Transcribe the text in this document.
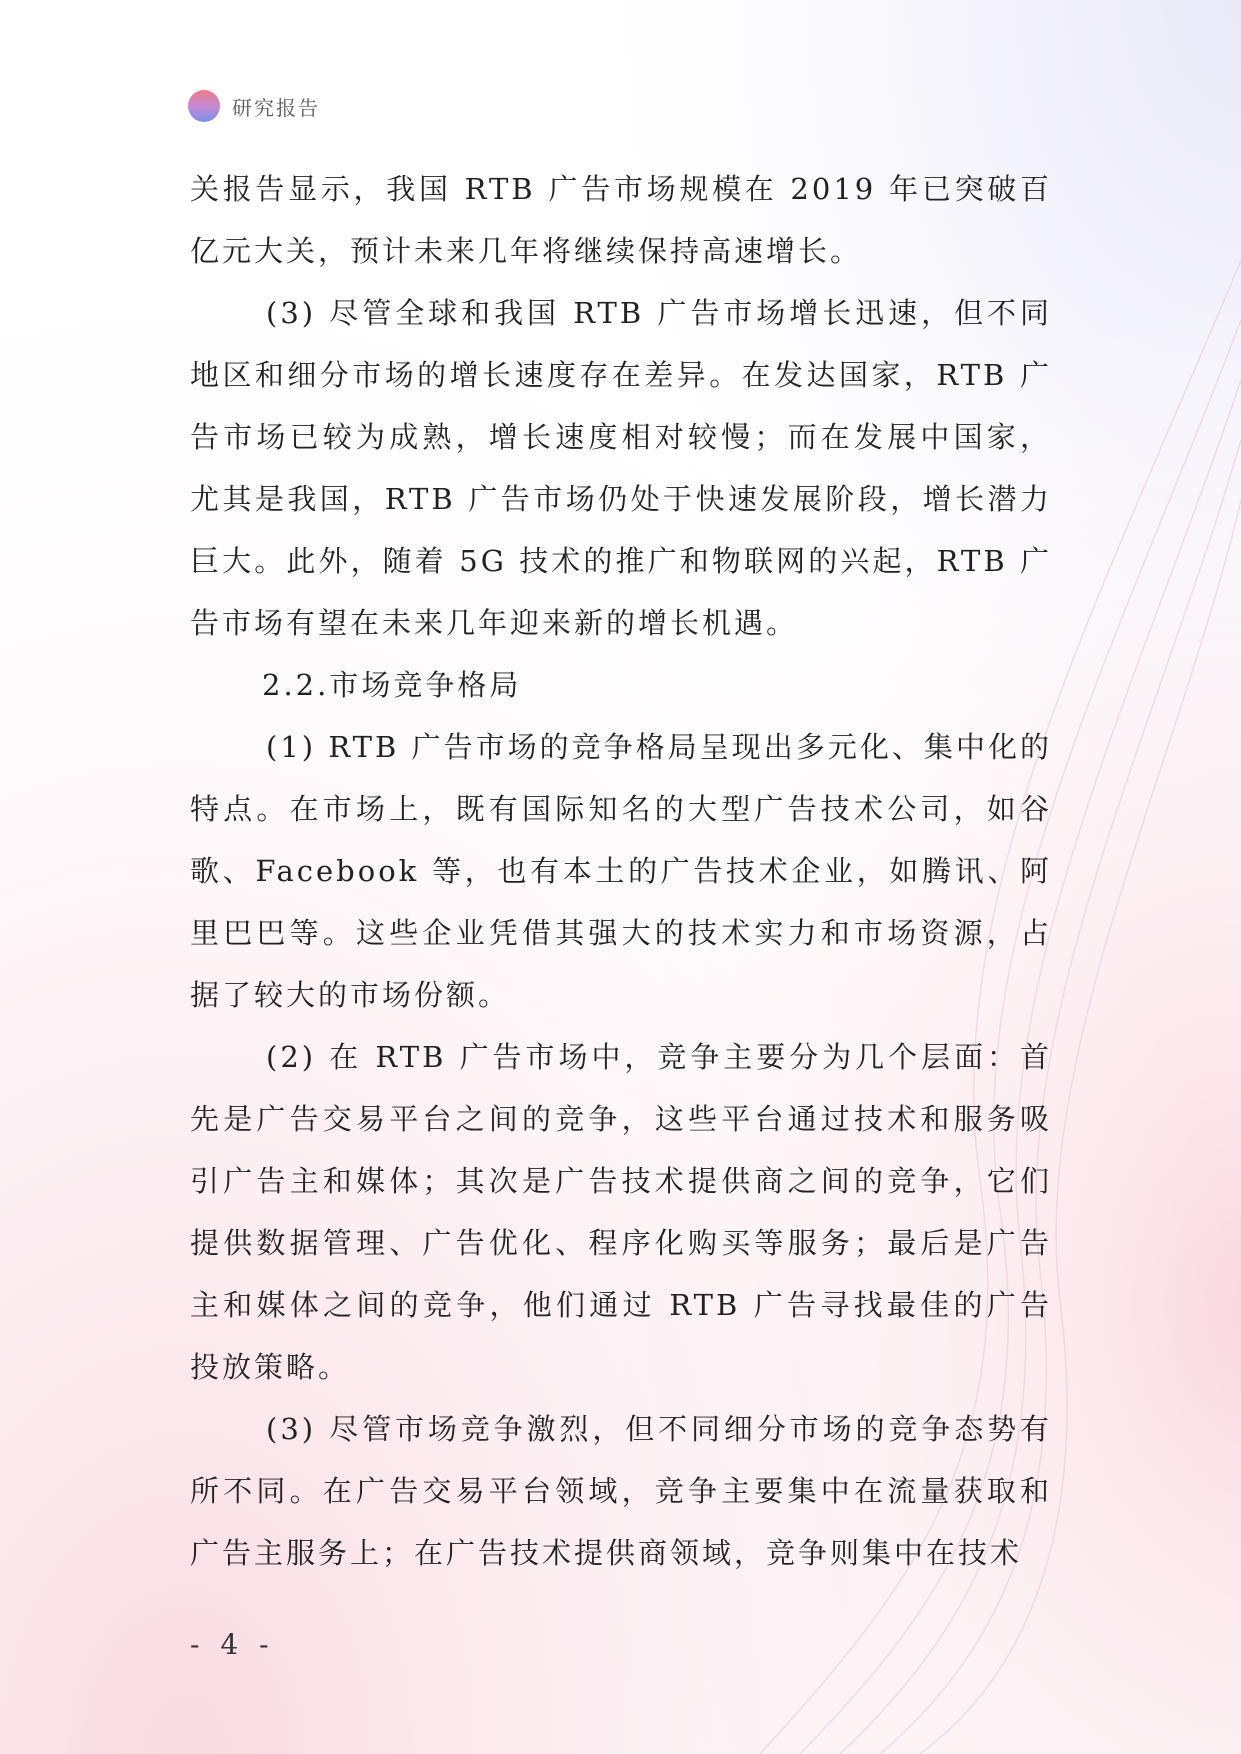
研究报告

关报告显示，我国 RTB 广告市场规模在 2019 年已突破百亿元大关，预计未来几年将继续保持高速增长。

(3) 尽管全球和我国 RTB 广告市场增长迅速，但不同地区和细分市场的增长速度存在差异。在发达国家，RTB 广告市场已较为成熟，增长速度相对较慢；而在发展中国家，尤其是我国，RTB 广告市场仍处于快速发展阶段，增长潜力巨大。此外，随着 5G 技术的推广和物联网的兴起，RTB 广告市场有望在未来几年迎来新的增长机遇。

2.2.市场竞争格局

(1) RTB 广告市场的竞争格局呈现出多元化、集中化的特点。在市场上，既有国际知名的大型广告技术公司，如谷歌、Facebook 等，也有本土的广告技术企业，如腾讯、阿里巴巴等。这些企业凭借其强大的技术实力和市场资源，占据了较大的市场份额。

(2) 在 RTB 广告市场中，竞争主要分为几个层面：首先是广告交易平台之间的竞争，这些平台通过技术和服务吸引广告主和媒体；其次是广告技术提供商之间的竞争，它们提供数据管理、广告优化、程序化购买等服务；最后是广告主和媒体之间的竞争，他们通过 RTB 广告寻找最佳的广告投放策略。

(3) 尽管市场竞争激烈，但不同细分市场的竞争态势有所不同。在广告交易平台领域，竞争主要集中在流量获取和广告主服务上；在广告技术提供商领域，竞争则集中在技术

- 4 -
